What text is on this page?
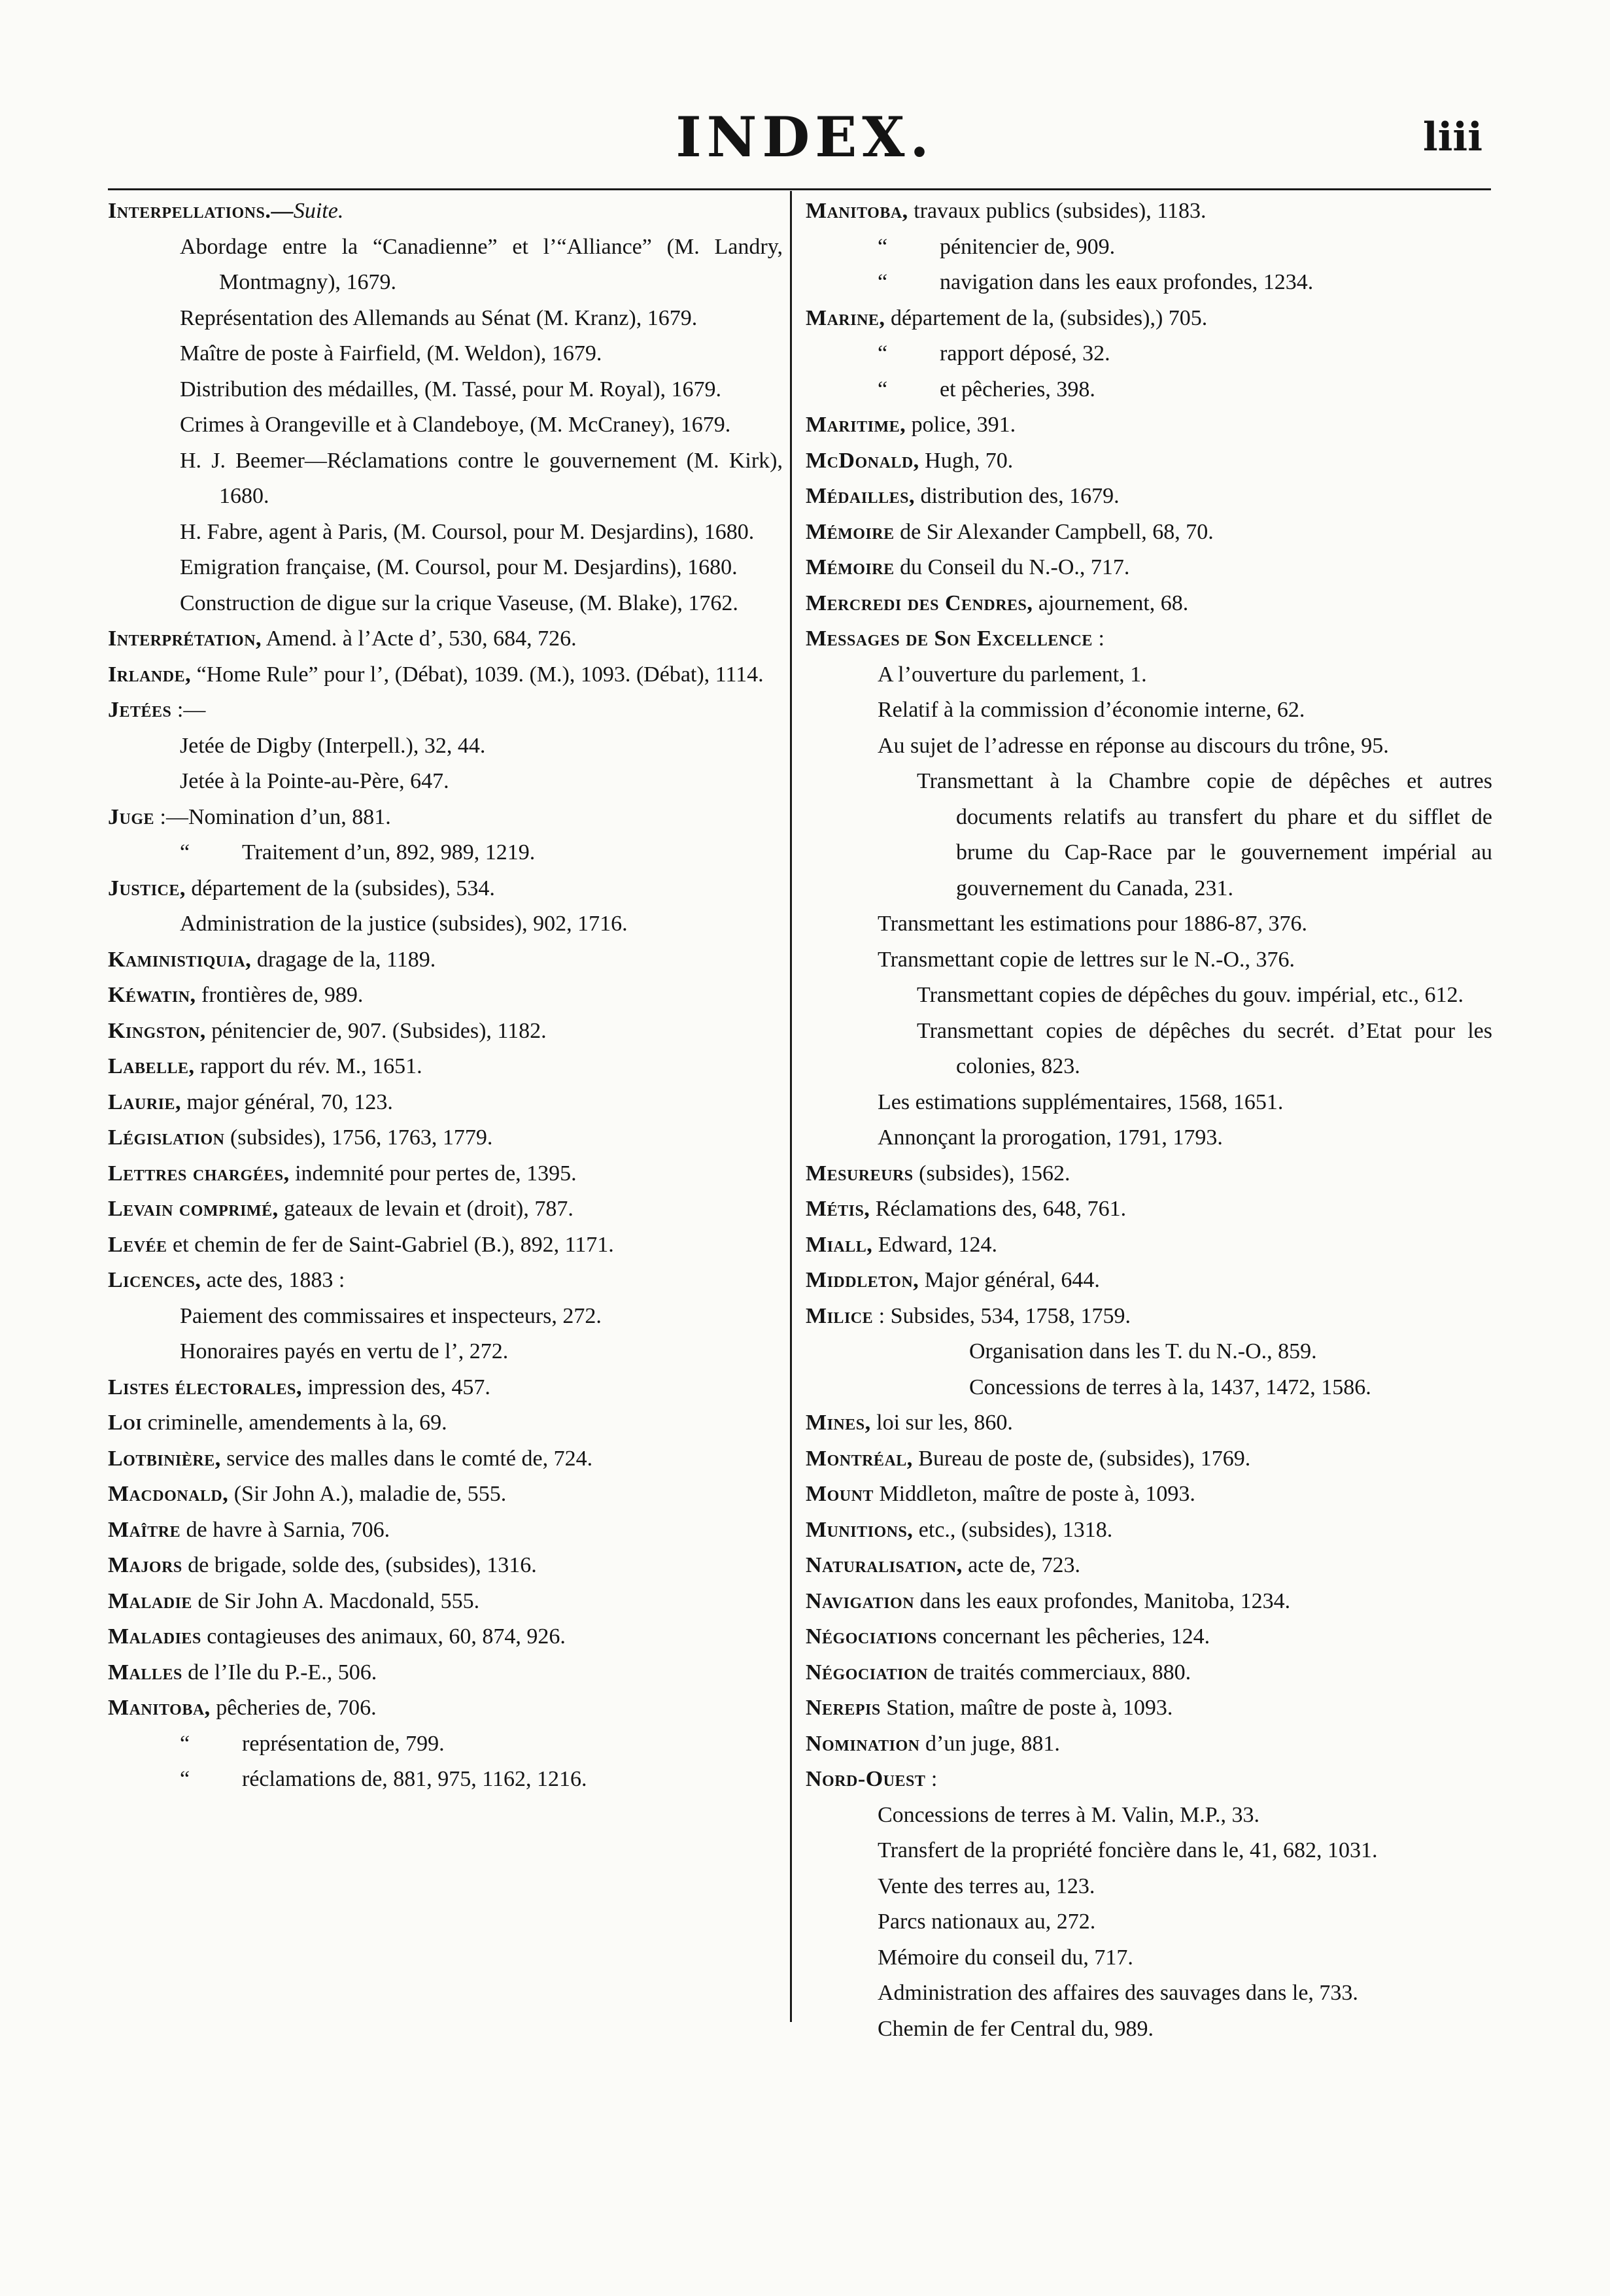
INDEX.	liii

Interpellations.—Suite.

Abordage entre la “Canadienne” et l’“Alliance” (M. Landry, Montmagny), 1679.

Représentation des Allemands au Sénat (M. Kranz), 1679.

Maître de poste à Fairfield, (M. Weldon), 1679.

Distribution des médailles, (M. Tassé, pour M. Royal), 1679.

Crimes à Orangeville et à Clandeboye, (M. McCraney), 1679.

H. J. Beemer—Réclamations contre le gouvernement (M. Kirk), 1680.

H. Fabre, agent à Paris, (M. Coursol, pour M. Desjardins), 1680.

Emigration française, (M. Coursol, pour M. Desjardins), 1680.

Construction de digue sur la crique Vaseuse, (M. Blake), 1762.

Interprétation, Amend. à l’Acte d’, 530, 684, 726.

Irlande, “Home Rule” pour l’, (Débat), 1039. (M.), 1093. (Débat), 1114.

Jetées :—

Jetée de Digby (Interpell.), 32, 44.

Jetée à la Pointe-au-Père, 647.

Juge :—Nomination d’un, 881.

“ Traitement d’un, 892, 989, 1219.

Justice, département de la (subsides), 534.

Administration de la justice (subsides), 902, 1716.

Kaministiquia, dragage de la, 1189.

Kéwatin, frontières de, 989.

Kingston, pénitencier de, 907. (Subsides), 1182.

Labelle, rapport du rév. M., 1651.

Laurie, major général, 70, 123.

Législation (subsides), 1756, 1763, 1779.

Lettres chargées, indemnité pour pertes de, 1395.

Levain comprimé, gateaux de levain et (droit), 787.

Levée et chemin de fer de Saint-Gabriel (B.), 892, 1171.

Licences, acte des, 1883 :

Paiement des commissaires et inspecteurs, 272.

Honoraires payés en vertu de l’, 272.

Listes électorales, impression des, 457.

Loi criminelle, amendements à la, 69.

Lotbinière, service des malles dans le comté de, 724.

Macdonald, (Sir John A.), maladie de, 555.

Maître de havre à Sarnia, 706.

Majors de brigade, solde des, (subsides), 1316.

Maladie de Sir John A. Macdonald, 555.

Maladies contagieuses des animaux, 60, 874, 926.

Malles de l’Ile du P.-E., 506.

Manitoba, pêcheries de, 706.

“ représentation de, 799.

“ réclamations de, 881, 975, 1162, 1216.

Manitoba, travaux publics (subsides), 1183.

“ pénitencier de, 909.

“ navigation dans les eaux profondes, 1234.

Marine, département de la, (subsides),) 705.

“ rapport déposé, 32.

“ et pêcheries, 398.

Maritime, police, 391.

McDonald, Hugh, 70.

Médailles, distribution des, 1679.

Mémoire de Sir Alexander Campbell, 68, 70.

Mémoire du Conseil du N.-O., 717.

Mercredi des Cendres, ajournement, 68.

Messages de Son Excellence :

A l’ouverture du parlement, 1.

Relatif à la commission d’économie interne, 62.

Au sujet de l’adresse en réponse au discours du trône, 95.

Transmettant à la Chambre copie de dépêches et autres documents relatifs au transfert du phare et du sifflet de brume du Cap-Race par le gouvernement impérial au gouvernement du Canada, 231.

Transmettant les estimations pour 1886-87, 376.

Transmettant copie de lettres sur le N.-O., 376.

Transmettant copies de dépêches du gouv. impérial, etc., 612.

Transmettant copies de dépêches du secrét. d’Etat pour les colonies, 823.

Les estimations supplémentaires, 1568, 1651.

Annonçant la prorogation, 1791, 1793.

Mesureurs (subsides), 1562.

Métis, Réclamations des, 648, 761.

Miall, Edward, 124.

Middleton, Major général, 644.

Milice : Subsides, 534, 1758, 1759.

Organisation dans les T. du N.-O., 859.

Concessions de terres à la, 1437, 1472, 1586.

Mines, loi sur les, 860.

Montréal, Bureau de poste de, (subsides), 1769.

Mount Middleton, maître de poste à, 1093.

Munitions, etc., (subsides), 1318.

Naturalisation, acte de, 723.

Navigation dans les eaux profondes, Manitoba, 1234.

Négociations concernant les pêcheries, 124.

Négociation de traités commerciaux, 880.

Nerepis Station, maître de poste à, 1093.

Nomination d’un juge, 881.

Nord-Ouest :

Concessions de terres à M. Valin, M.P., 33.

Transfert de la propriété foncière dans le, 41, 682, 1031.

Vente des terres au, 123.

Parcs nationaux au, 272.

Mémoire du conseil du, 717.

Administration des affaires des sauvages dans le, 733.

Chemin de fer Central du, 989.
